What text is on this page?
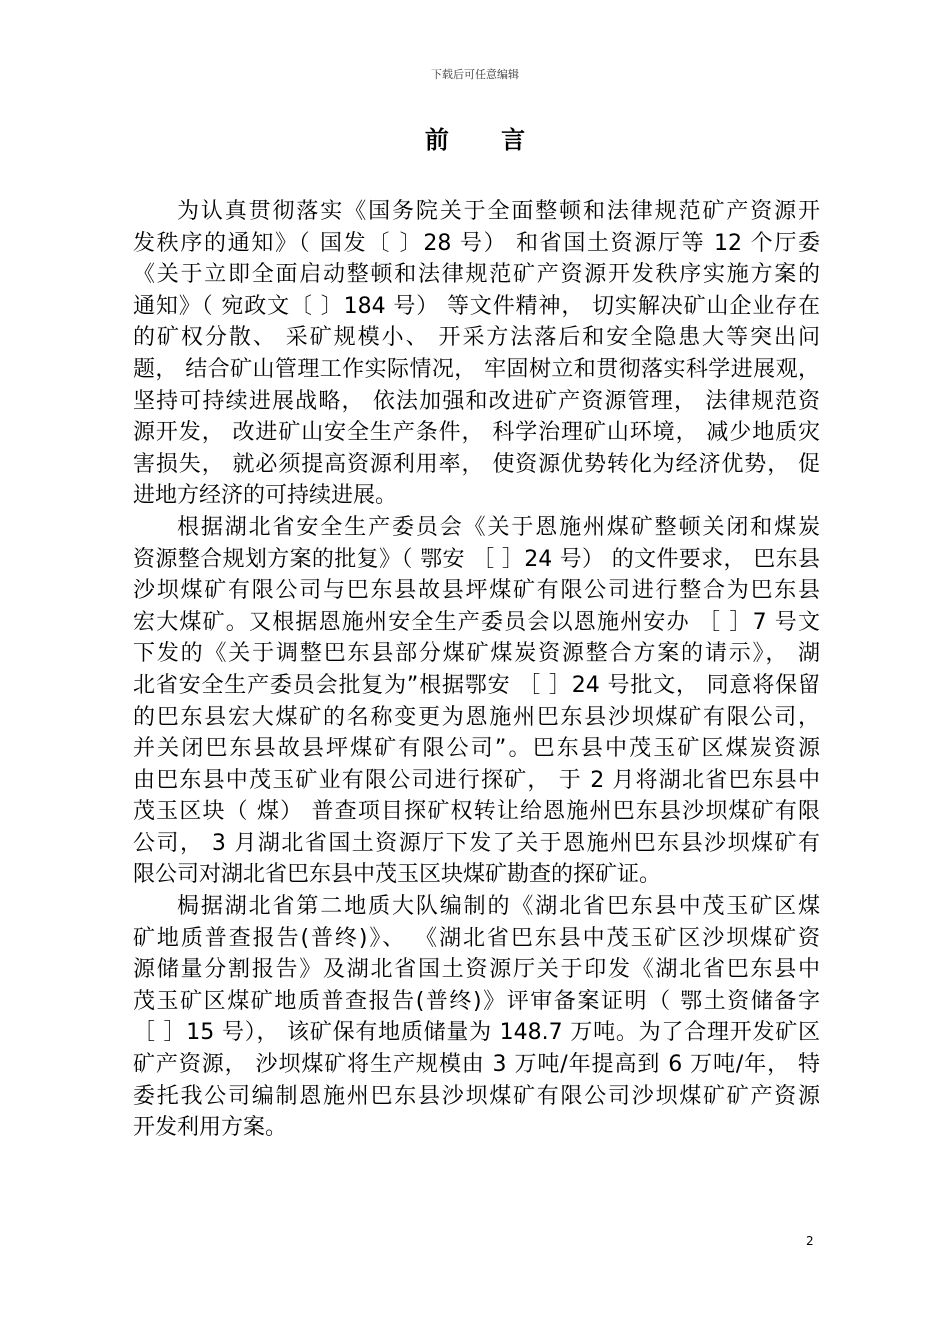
下载后可任意编辑
前 言
为认真贯彻落实《国务院关于全面整顿和法律规范矿产资源开
发秩序的通知》（ 国发〔 〕28 号） 和省国土资源厅等 12 个厅委
《关于立即全面启动整顿和法律规范矿产资源开发秩序实施方案的
通知》（ 宛政文〔 〕184 号） 等文件精神， 切实解决矿山企业存在
的矿权分散、 采矿规模小、 开采方法落后和安全隐患大等突出问
题， 结合矿山管理工作实际情况， 牢固树立和贯彻落实科学进展观，
坚持可持续进展战略， 依法加强和改进矿产资源管理， 法律规范资
源开发， 改进矿山安全生产条件， 科学治理矿山环境， 减少地质灾
害损失， 就必须提高资源利用率， 使资源优势转化为经济优势， 促
进地方经济的可持续进展。
根据湖北省安全生产委员会《关于恩施州煤矿整顿关闭和煤炭
资源整合规划方案的批复》（ 鄂安 ［ ］24 号） 的文件要求， 巴东县
沙坝煤矿有限公司与巴东县故县坪煤矿有限公司进行整合为巴东县
宏大煤矿。又根据恩施州安全生产委员会以恩施州安办 ［ ］7 号文
下发的《关于调整巴东县部分煤矿煤炭资源整合方案的请示》， 湖
北省安全生产委员会批复为”根据鄂安 ［ ］24 号批文， 同意将保留
的巴东县宏大煤矿的名称变更为恩施州巴东县沙坝煤矿有限公司，
并关闭巴东县故县坪煤矿有限公司”。巴东县中茂玉矿区煤炭资源
由巴东县中茂玉矿业有限公司进行探矿， 于 2 月将湖北省巴东县中
茂玉区块（ 煤） 普查项目探矿权转让给恩施州巴东县沙坝煤矿有限
公司， 3 月湖北省国土资源厅下发了关于恩施州巴东县沙坝煤矿有
限公司对湖北省巴东县中茂玉区块煤矿勘查的探矿证。
梮据湖北省第二地质大队编制的《湖北省巴东县中茂玉矿区煤
矿地质普查报告(普终)》、 《湖北省巴东县中茂玉矿区沙坝煤矿资
源储量分割报告》及湖北省国土资源厅关于印发《湖北省巴东县中
茂玉矿区煤矿地质普查报告(普终)》评审备案证明（ 鄂土资储备字
［ ］15 号）， 该矿保有地质储量为 148.7 万吨。为了合理开发矿区
矿产资源， 沙坝煤矿将生产规模由 3 万吨/年提高到 6 万吨/年， 特
委托我公司编制恩施州巴东县沙坝煤矿有限公司沙坝煤矿矿产资源
开发利用方案。
2
